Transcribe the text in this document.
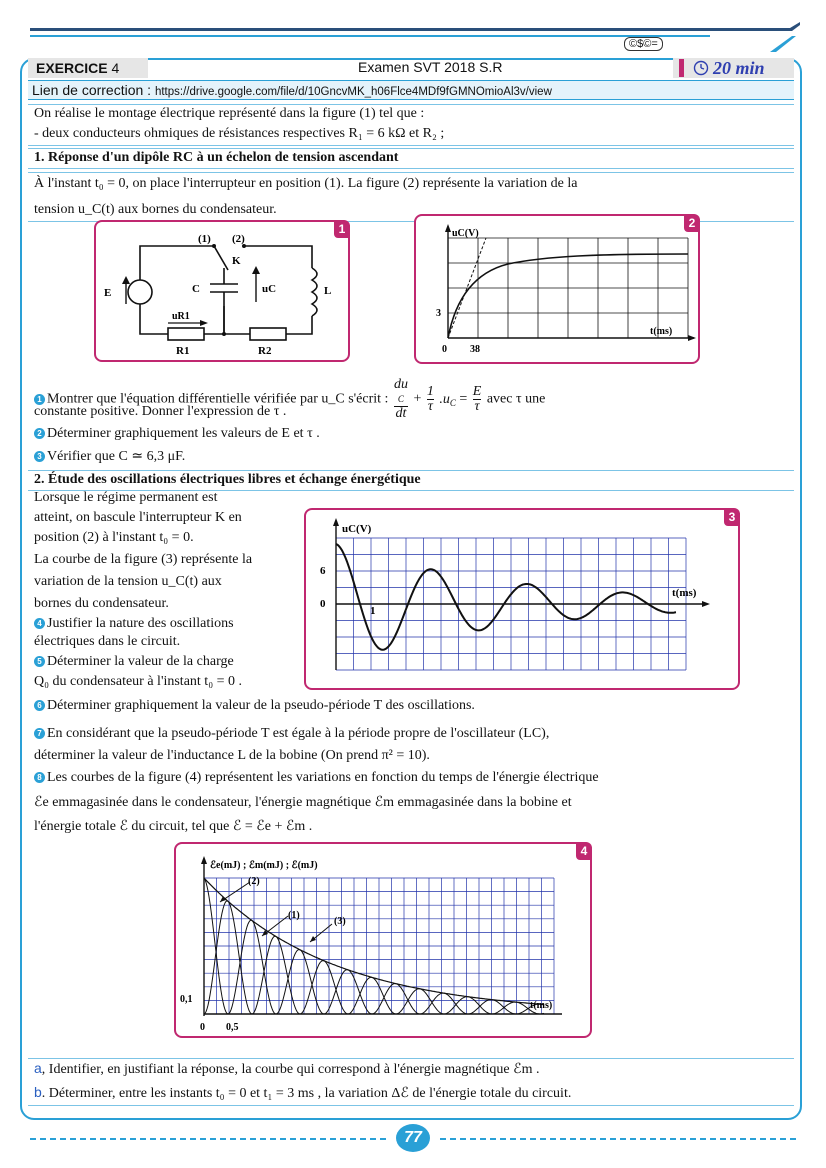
©$©=
EXERCICE 4	Examen SVT 2018 S.R	20 min
Lien de correction : https://drive.google.com/file/d/10GncvMK_h06Flce4MDf9fGMNOmioAl3v/view
On réalise le montage électrique représenté dans la figure (1) tel que :
- deux conducteurs ohmiques de résistances respectives R₁ = 6 kΩ et R₂ ;
1. Réponse d'un dipôle RC à un échelon de tension ascendant
À l'instant t₀ = 0, on place l'interrupteur en position (1). La figure (2) représente la variation de la
tension u_C(t) aux bornes du condensateur.
1
(1) (2)
K
E	C	uC	L
uR1
R1	R2
2
uC(V)
t(ms)
3
0 38
1 Montrer que l'équation différentielle vérifiée par u_C s'écrit : du
C
dt + $\frac{1}{\tau} .u_C = \frac{E}{\tau}$ avec τ une
constante positive. Donner l'expression de τ .
2 Déterminer graphiquement les valeurs de E et τ .
3 Vérifier que C ≃ 6,3 μF.
2. Étude des oscillations électriques libres et échange énergétique
Lorsque le régime permanent est
atteint, on bascule l'interrupteur K en
position (2) à l'instant t₀ = 0.
La courbe de la figure (3) représente la
variation de la tension u_C(t) aux
bornes du condensateur.
4 Justifier la nature des oscillations
électriques dans le circuit.
5 Déterminer la valeur de la charge
Q₀ du condensateur à l'instant t₀ = 0 .
3
uC(V)
t(ms)
6
0
1
6 Déterminer graphiquement la valeur de la pseudo-période T des oscillations.
7 En considérant que la pseudo-période T est égale à la période propre de l'oscillateur (LC),
déterminer la valeur de l'inductance L de la bobine (On prend π² = 10).
8 Les courbes de la figure (4) représentent les variations en fonction du temps de l'énergie électrique
ℰe emmagasinée dans le condensateur, l'énergie magnétique ℰm emmagasinée dans la bobine et
l'énergie totale ℰ du circuit, tel que ℰ = ℰe + ℰm .
4
ℰe(mJ) ; ℰm(mJ) ; ℰ(mJ)
(2)
(1)
(3)
0,1
0 0,5
t(ms)
a, Identifier, en justifiant la réponse, la courbe qui correspond à l'énergie magnétique ℰm .
b. Déterminer, entre les instants t₀ = 0 et t₁ = 3 ms , la variation Δℰ de l'énergie totale du circuit.
77
